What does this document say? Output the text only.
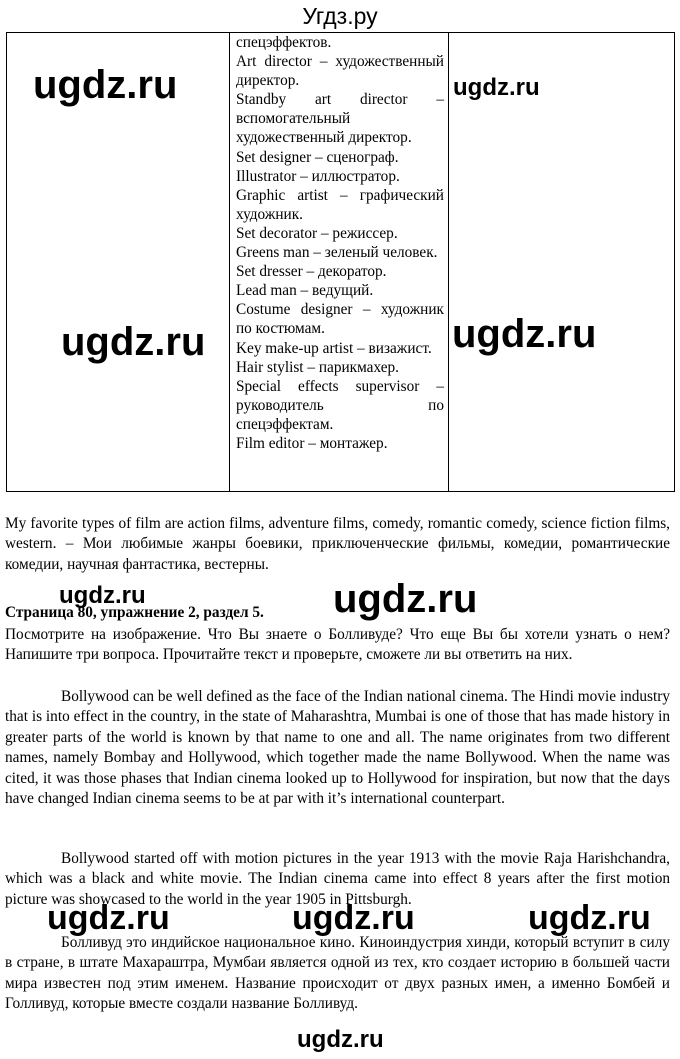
Угдз.ру

спецэффектов.
Art director – художественный директор.
Standby art director – вспомогательный художественный директор.
Set designer – сценограф.
Illustrator – иллюстратор.
Graphic artist – графический художник.
Set decorator – режиссер.
Greens man – зеленый человек.
Set dresser – декоратор.
Lead man – ведущий.
Costume designer – художник по костюмам.
Key make-up artist – визажист.
Hair stylist – парикмахер.
Special effects supervisor – руководитель по спецэффектам.
Film editor – монтажер.

My favorite types of film are action films, adventure films, comedy, romantic comedy, science fiction films, western. – Мои любимые жанры боевики, приключенческие фильмы, комедии, романтические комедии, научная фантастика, вестерны.

Страница 80, упражнение 2, раздел 5.

Посмотрите на изображение. Что Вы знаете о Болливуде? Что еще Вы бы хотели узнать о нем? Напишите три вопроса. Прочитайте текст и проверьте, сможете ли вы ответить на них.

Bollywood can be well defined as the face of the Indian national cinema. The Hindi movie industry that is into effect in the country, in the state of Maharashtra, Mumbai is one of those that has made history in greater parts of the world is known by that name to one and all. The name originates from two different names, namely Bombay and Hollywood, which together made the name Bollywood. When the name was cited, it was those phases that Indian cinema looked up to Hollywood for inspiration, but now that the days have changed Indian cinema seems to be at par with it’s international counterpart.

Bollywood started off with motion pictures in the year 1913 with the movie Raja Harishchandra, which was a black and white movie. The Indian cinema came into effect 8 years after the first motion picture was showcased to the world in the year 1905 in Pittsburgh.

Болливуд это индийское национальное кино. Киноиндустрия хинди, который вступит в силу в стране, в штате Махараштра, Мумбаи является одной из тех, кто создает историю в большей части мира известен под этим именем. Название происходит от двух разных имен, а именно Бомбей и Голливуд, которые вместе создали название Болливуд.

ugdz.ru	ugdz.ru
ugdz.ru	ugdz.ru
ugdz.ru	ugdz.ru
ugdz.ru	ugdz.ru	ugdz.ru
ugdz.ru
